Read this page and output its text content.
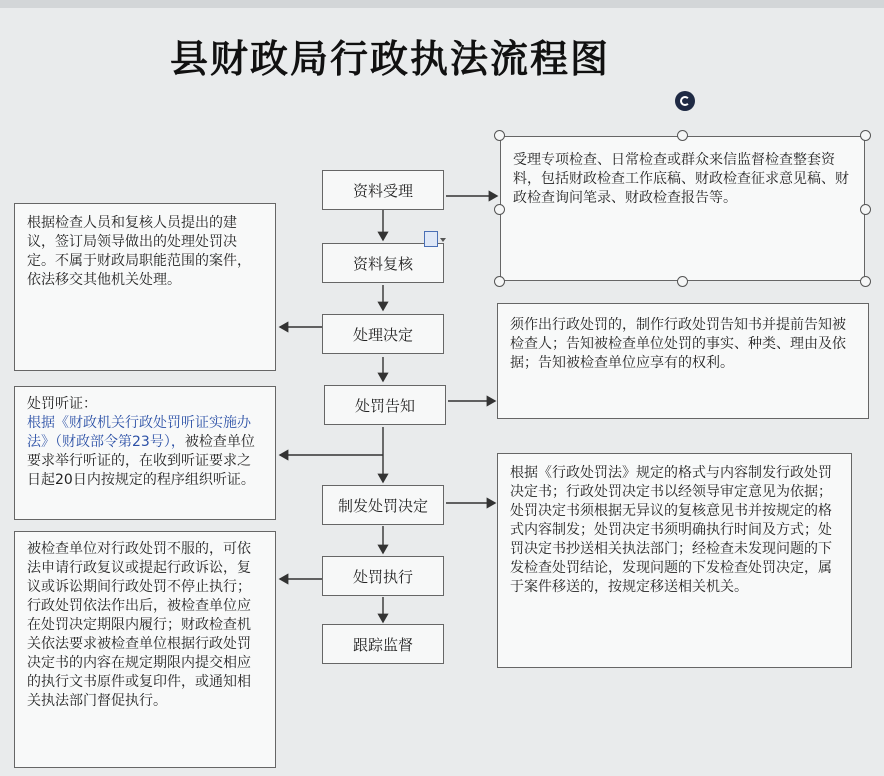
县财政局行政执法流程图
资料受理
资料复核
处理决定
处罚告知
制发处罚决定
处罚执行
跟踪监督
受理专项检查、日常检查或群众来信监督检查整套资料，包括财政检查工作底稿、财政检查征求意见稿、财政检查询问笔录、财政检查报告等。
根据检查人员和复核人员提出的建议，签订局领导做出的处理处罚决定。不属于财政局职能范围的案件，依法移交其他机关处理。
须作出行政处罚的，制作行政处罚告知书并提前告知被检查人；告知被检查单位处罚的事实、种类、理由及依据；告知被检查单位应享有的权利。
处罚听证：
根据《财政机关行政处罚听证实施办法》（财政部令第23号），被检查单位要求举行听证的，在收到听证要求之日起20日内按规定的程序组织听证。	根据《行政处罚法》规定的格式与内容制发行政处罚决定书；行政处罚决定书以经领导审定意见为依据；处罚决定书须根据无异议的复核意见书并按规定的格式内容制发；处罚决定书须明确执行时间及方式；处罚决定书抄送相关执法部门；经检查未发现问题的下发检查处罚结论，发现问题的下发检查处罚决定，属于案件移送的，按规定移送相关机关。
被检查单位对行政处罚不服的，可依法申请行政复议或提起行政诉讼，复议或诉讼期间行政处罚不停止执行；行政处罚依法作出后，被检查单位应在处罚决定期限内履行；财政检查机关依法要求被检查单位根据行政处罚决定书的内容在规定期限内提交相应的执行文书原件或复印件，或通知相关执法部门督促执行。
